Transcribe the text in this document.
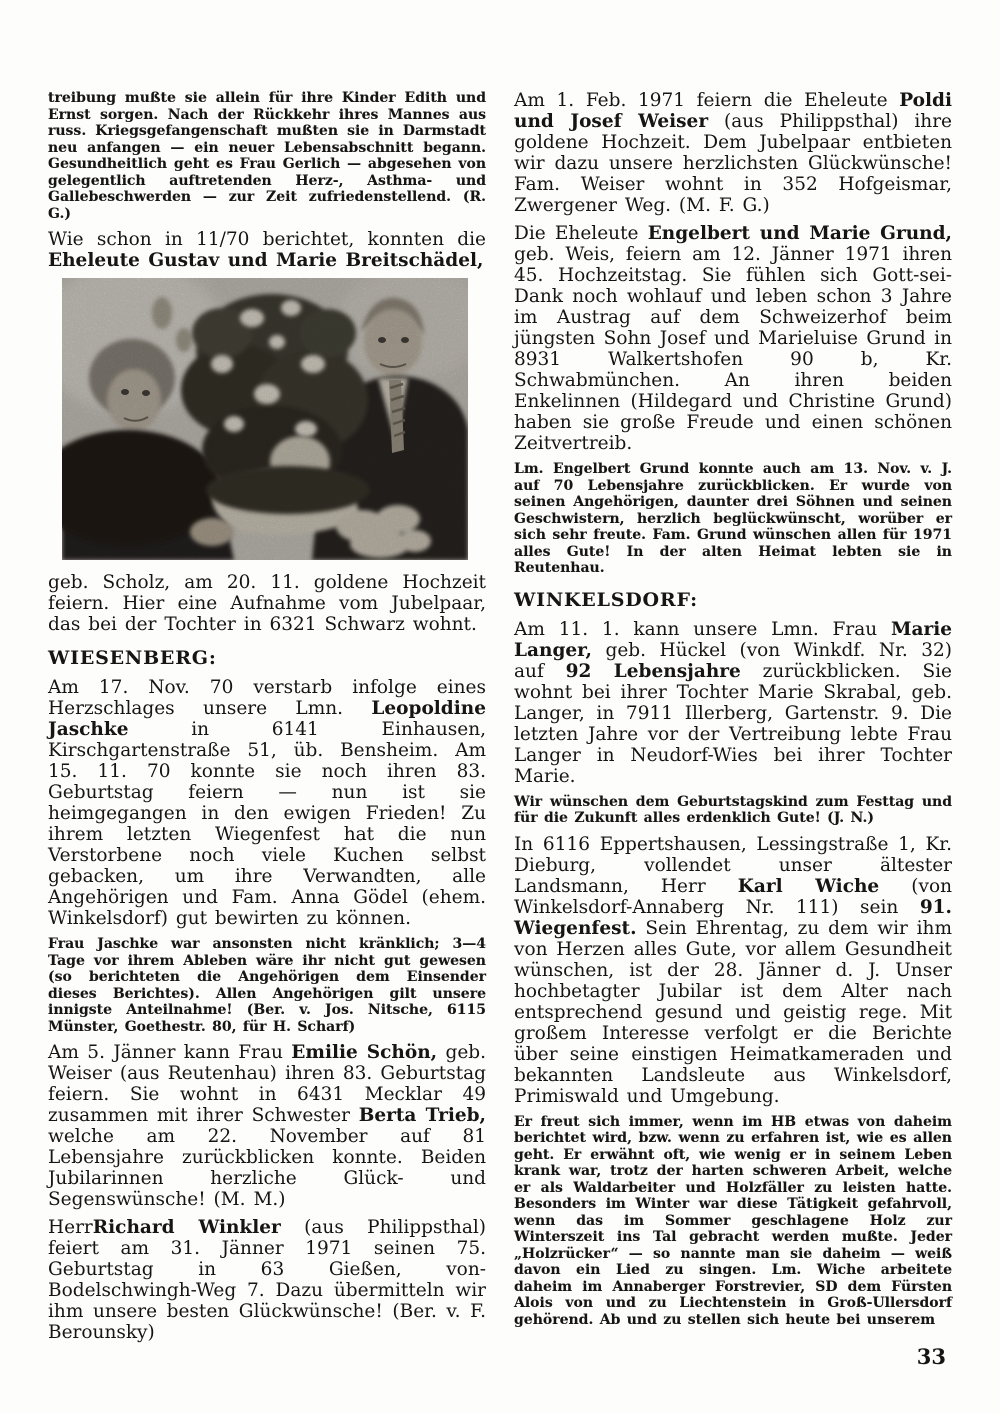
treibung mußte sie allein für ihre Kinder Edith und Ernst sorgen. Nach der Rückkehr ihres Mannes aus russ. Kriegsgefangenschaft mußten sie in Darmstadt neu anfangen — ein neuer Lebensabschnitt begann. Gesundheitlich geht es Frau Gerlich — abgesehen von gelegentlich auftretenden Herz-, Asthma- und Gallebeschwerden — zur Zeit zufriedenstellend. (R. G.)

Wie schon in 11/70 berichtet, konnten die Eheleute Gustav und Marie Breitschädel,

geb. Scholz, am 20. 11. goldene Hochzeit feiern. Hier eine Aufnahme vom Jubelpaar, das bei der Tochter in 6321 Schwarz wohnt.

WIESENBERG:

Am 17. Nov. 70 verstarb infolge eines Herzschlages unsere Lmn. Leopoldine Jaschke in 6141 Einhausen, Kirschgartenstraße 51, üb. Bensheim. Am 15. 11. 70 konnte sie noch ihren 83. Geburtstag feiern — nun ist sie heimgegangen in den ewigen Frieden! Zu ihrem letzten Wiegenfest hat die nun Verstorbene noch viele Kuchen selbst gebacken, um ihre Verwandten, alle Angehörigen und Fam. Anna Gödel (ehem. Winkelsdorf) gut bewirten zu können.

Frau Jaschke war ansonsten nicht kränklich; 3—4 Tage vor ihrem Ableben wäre ihr nicht gut gewesen (so berichteten die Angehörigen dem Einsender dieses Berichtes). Allen Angehörigen gilt unsere innigste Anteilnahme! (Ber. v. Jos. Nitsche, 6115 Münster, Goethestr. 80, für H. Scharf)

Am 5. Jänner kann Frau Emilie Schön, geb. Weiser (aus Reutenhau) ihren 83. Geburtstag feiern. Sie wohnt in 6431 Mecklar 49 zusammen mit ihrer Schwester Berta Trieb, welche am 22. November auf 81 Lebensjahre zurückblicken konnte. Beiden Jubilarinnen herzliche Glück- und Segenswünsche! (M. M.)

HerrRichard Winkler (aus Philippsthal) feiert am 31. Jänner 1971 seinen 75. Geburtstag in 63 Gießen, von-Bodelschwingh-Weg 7. Dazu übermitteln wir ihm unsere besten Glückwünsche! (Ber. v. F. Berounsky)

Am 1. Feb. 1971 feiern die Eheleute Poldi und Josef Weiser (aus Philippsthal) ihre goldene Hochzeit. Dem Jubelpaar entbieten wir dazu unsere herzlichsten Glückwünsche! Fam. Weiser wohnt in 352 Hofgeismar, Zwergener Weg. (M. F. G.)

Die Eheleute Engelbert und Marie Grund, geb. Weis, feiern am 12. Jänner 1971 ihren 45. Hochzeitstag. Sie fühlen sich Gott-sei-Dank noch wohlauf und leben schon 3 Jahre im Austrag auf dem Schweizerhof beim jüngsten Sohn Josef und Marieluise Grund in 8931 Walkertshofen 90 b, Kr. Schwabmünchen. An ihren beiden Enkelinnen (Hildegard und Christine Grund) haben sie große Freude und einen schönen Zeitvertreib.

Lm. Engelbert Grund konnte auch am 13. Nov. v. J. auf 70 Lebensjahre zurückblicken. Er wurde von seinen Angehörigen, daunter drei Söhnen und seinen Geschwistern, herzlich beglückwünscht, worüber er sich sehr freute. Fam. Grund wünschen allen für 1971 alles Gute! In der alten Heimat lebten sie in Reutenhau.

WINKELSDORF:

Am 11. 1. kann unsere Lmn. Frau Marie Langer, geb. Hückel (von Winkdf. Nr. 32) auf 92 Lebensjahre zurückblicken. Sie wohnt bei ihrer Tochter Marie Skrabal, geb. Langer, in 7911 Illerberg, Gartenstr. 9. Die letzten Jahre vor der Vertreibung lebte Frau Langer in Neudorf-Wies bei ihrer Tochter Marie.

Wir wünschen dem Geburtstagskind zum Festtag und für die Zukunft alles erdenklich Gute! (J. N.)

In 6116 Eppertshausen, Lessingstraße 1, Kr. Dieburg, vollendet unser ältester Landsmann, Herr Karl Wiche (von Winkelsdorf-Annaberg Nr. 111) sein 91. Wiegenfest. Sein Ehrentag, zu dem wir ihm von Herzen alles Gute, vor allem Gesundheit wünschen, ist der 28. Jänner d. J. Unser hochbetagter Jubilar ist dem Alter nach entsprechend gesund und geistig rege. Mit großem Interesse verfolgt er die Berichte über seine einstigen Heimatkameraden und bekannten Landsleute aus Winkelsdorf, Primiswald und Umgebung.

Er freut sich immer, wenn im HB etwas von daheim berichtet wird, bzw. wenn zu erfahren ist, wie es allen geht. Er erwähnt oft, wie wenig er in seinem Leben krank war, trotz der harten schweren Arbeit, welche er als Waldarbeiter und Holzfäller zu leisten hatte. Besonders im Winter war diese Tätigkeit gefahrvoll, wenn das im Sommer geschlagene Holz zur Winterszeit ins Tal gebracht werden mußte. Jeder „Holzrücker“ — so nannte man sie daheim — weiß davon ein Lied zu singen. Lm. Wiche arbeitete daheim im Annaberger Forstrevier, SD dem Fürsten Alois von und zu Liechtenstein in Groß-Ullersdorf gehörend. Ab und zu stellen sich heute bei unserem

33
